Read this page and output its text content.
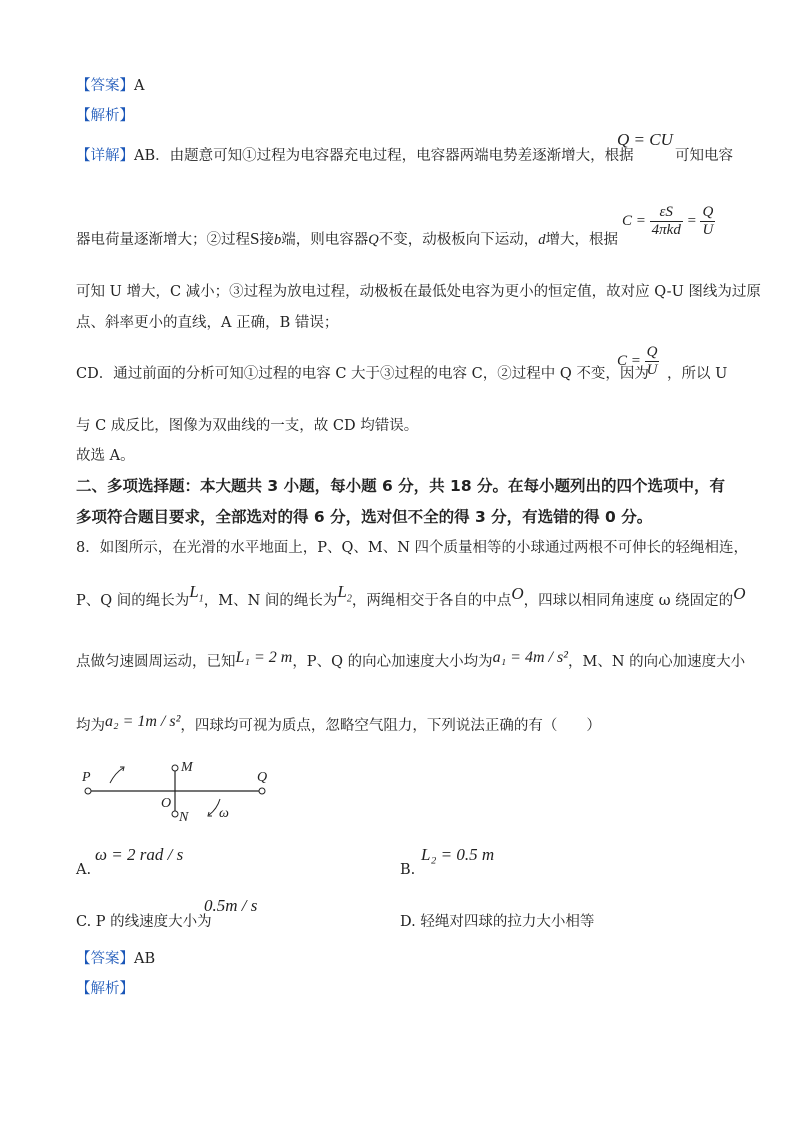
【答案】A
【解析】
【详解】AB．由题意可知①过程为电容器充电过程，电容器两端电势差逐渐增大，根据
Q = CU
可知电容
器电荷量逐渐增大；②过程S接b端，则电容器Q不变，动极板向下运动，d增大，根据
$C = \frac{\varepsilon S}{\text{4πkd}} = \frac{Q}{U}$
可知 U 增大，C 减小；③过程为放电过程，动极板在最低处电容为更小的恒定值，故对应 Q-U 图线为过原
点、斜率更小的直线，A 正确，B 错误；
CD．通过前面的分析可知①过程的电容 C 大于③过程的电容 C，②过程中 Q 不变，因为
$C = \frac{Q}{U}$ ，所以 U
与 C 成反比，图像为双曲线的一支，故 CD 均错误。
故选 A。
二、多项选择题：本大题共 3 小题，每小题 6 分，共 18 分。在每小题列出的四个选项中，有
多项符合题目要求，全部选对的得 6 分，选对但不全的得 3 分，有选错的得 0 分。
8．如图所示，在光滑的水平地面上，P、Q、M、N 四个质量相等的小球通过两根不可伸长的轻绳相连，
P、Q 间的绳长为$L_1$，M、N 间的绳长为$L_2$，两绳相交于各自的中点O，四球以相同角速度 ω 绕固定的O
点做匀速圆周运动，已知L₁ = 2 m，P、Q 的向心加速度大小均为a₁ = 4m / s²，M、N 的向心加速度大小
均为a₂ = 1m / s²，四球均可视为质点，忽略空气阻力，下列说法正确的有（　　）
P	Q
M
N
O
ω
A.
ω = 2 rad / s
B.
L₂ = 0.5 m
C. P 的线速度大小为
0.5m / s
D. 轻绳对四球的拉力大小相等
【答案】AB
【解析】
